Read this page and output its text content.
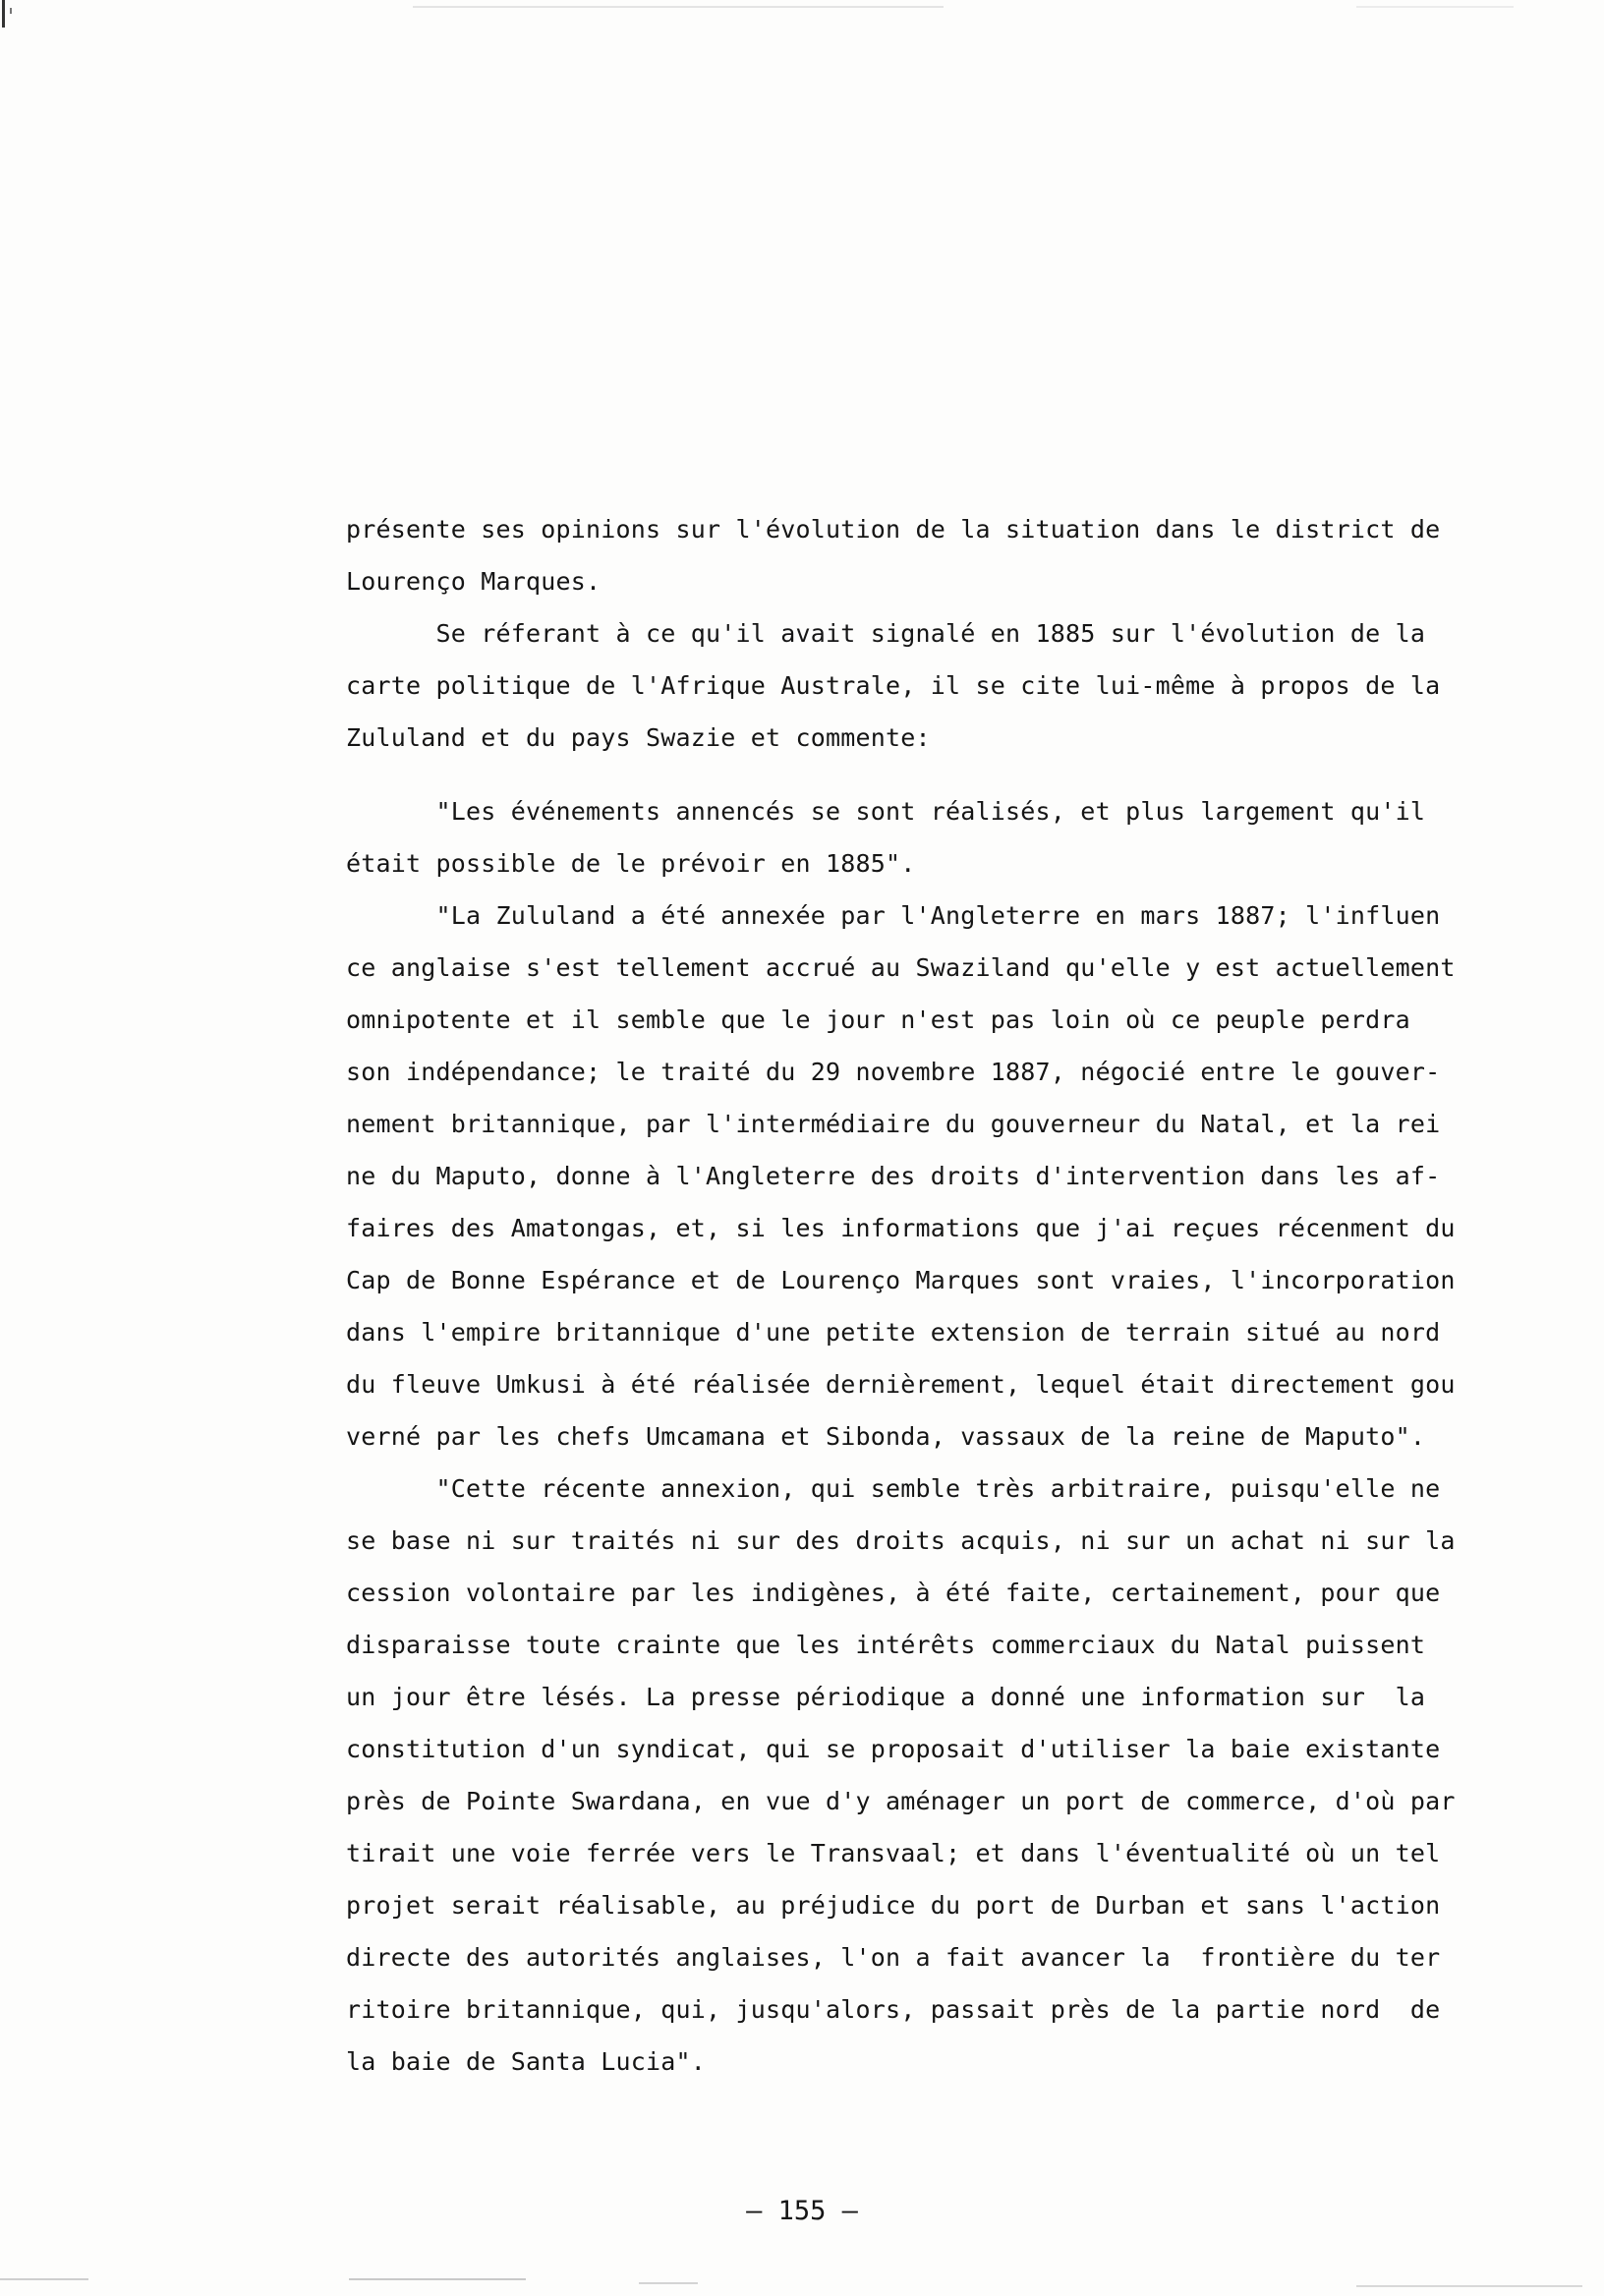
présente ses opinions sur l'évolution de la situation dans le district de
Lourenço Marques.
Se réferant à ce qu'il avait signalé en 1885 sur l'évolution de la
carte politique de l'Afrique Australe, il se cite lui-même à propos de la
Zululand et du pays Swazie et commente:
"Les événements annencés se sont réalisés, et plus largement qu'il
était possible de le prévoir en 1885".
"La Zululand a été annexée par l'Angleterre en mars 1887; l'influen
ce anglaise s'est tellement accrué au Swaziland qu'elle y est actuellement
omnipotente et il semble que le jour n'est pas loin où ce peuple perdra
son indépendance; le traité du 29 novembre 1887, négocié entre le gouver-
nement britannique, par l'intermédiaire du gouverneur du Natal, et la rei
ne du Maputo, donne à l'Angleterre des droits d'intervention dans les af-
faires des Amatongas, et, si les informations que j'ai reçues récenment du
Cap de Bonne Espérance et de Lourenço Marques sont vraies, l'incorporation
dans l'empire britannique d'une petite extension de terrain situé au nord
du fleuve Umkusi à été réalisée dernièrement, lequel était directement gou
verné par les chefs Umcamana et Sibonda, vassaux de la reine de Maputo".
"Cette récente annexion, qui semble très arbitraire, puisqu'elle ne
se base ni sur traités ni sur des droits acquis, ni sur un achat ni sur la
cession volontaire par les indigènes, à été faite, certainement, pour que
disparaisse toute crainte que les intérêts commerciaux du Natal puissent
un jour être lésés. La presse périodique a donné une information sur  la
constitution d'un syndicat, qui se proposait d'utiliser la baie existante
près de Pointe Swardana, en vue d'y aménager un port de commerce, d'où par
tirait une voie ferrée vers le Transvaal; et dans l'éventualité où un tel
projet serait réalisable, au préjudice du port de Durban et sans l'action
directe des autorités anglaises, l'on a fait avancer la  frontière du ter
ritoire britannique, qui, jusqu'alors, passait près de la partie nord  de
la baie de Santa Lucia".
– 155 –
